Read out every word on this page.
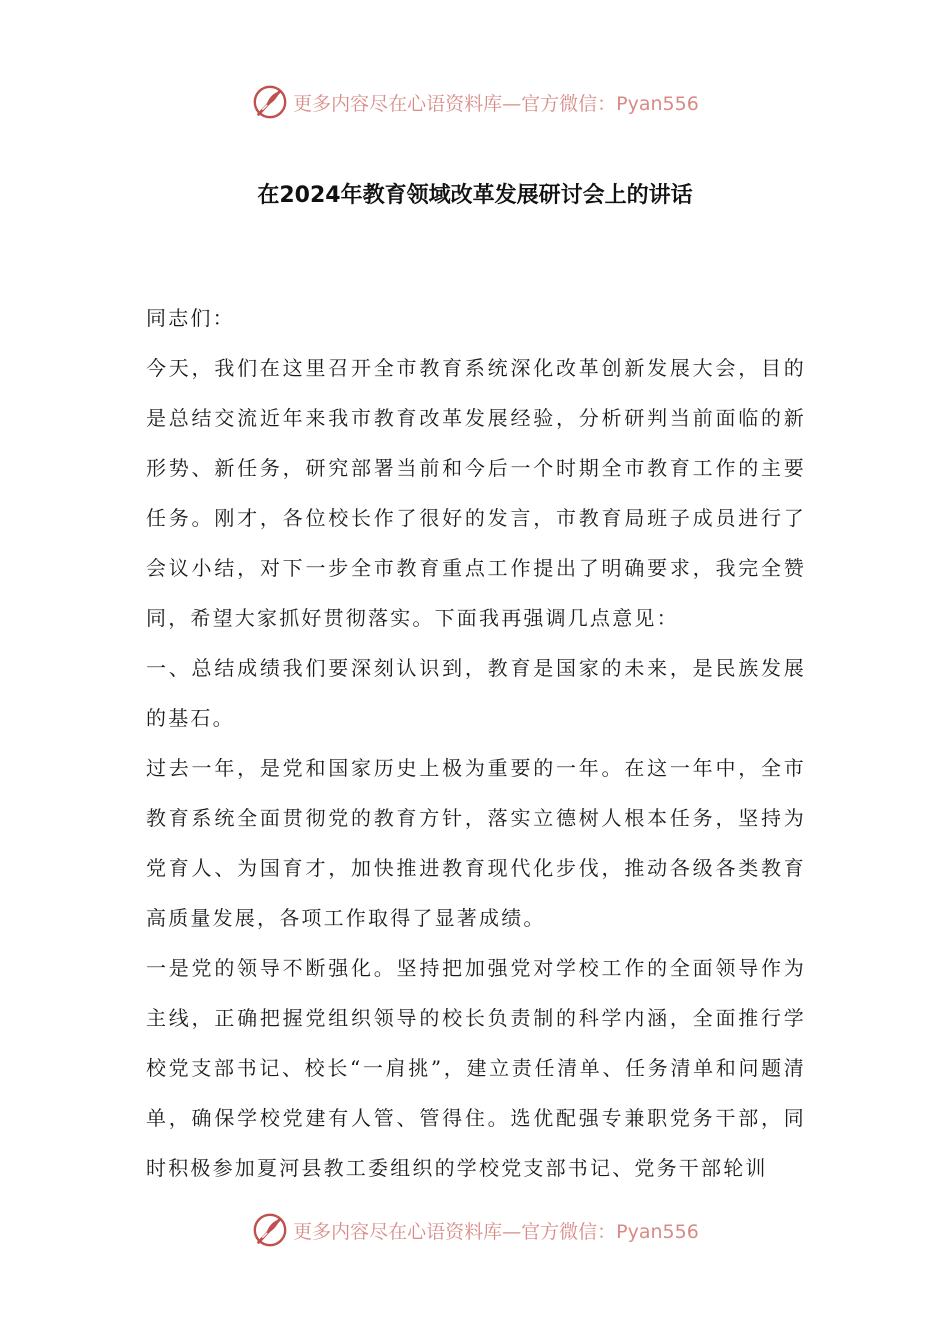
更多内容尽在心语资料库—官方微信：Pyan556
在2024年教育领域改革发展研讨会上的讲话

同志们：

今天，我们在这里召开全市教育系统深化改革创新发展大会，目的是总结交流近年来我市教育改革发展经验，分析研判当前面临的新形势、新任务，研究部署当前和今后一个时期全市教育工作的主要任务。刚才，各位校长作了很好的发言，市教育局班子成员进行了会议小结，对下一步全市教育重点工作提出了明确要求，我完全赞同，希望大家抓好贯彻落实。下面我再强调几点意见：

一、总结成绩我们要深刻认识到，教育是国家的未来，是民族发展的基石。

过去一年，是党和国家历史上极为重要的一年。在这一年中，全市教育系统全面贯彻党的教育方针，落实立德树人根本任务，坚持为党育人、为国育才，加快推进教育现代化步伐，推动各级各类教育高质量发展，各项工作取得了显著成绩。

一是党的领导不断强化。坚持把加强党对学校工作的全面领导作为主线，正确把握党组织领导的校长负责制的科学内涵，全面推行学校党支部书记、校长“一肩挑”，建立责任清单、任务清单和问题清单，确保学校党建有人管、管得住。选优配强专兼职党务干部，同时积极参加夏河县教工委组织的学校党支部书记、党务干部轮训

更多内容尽在心语资料库—官方微信：Pyan556
